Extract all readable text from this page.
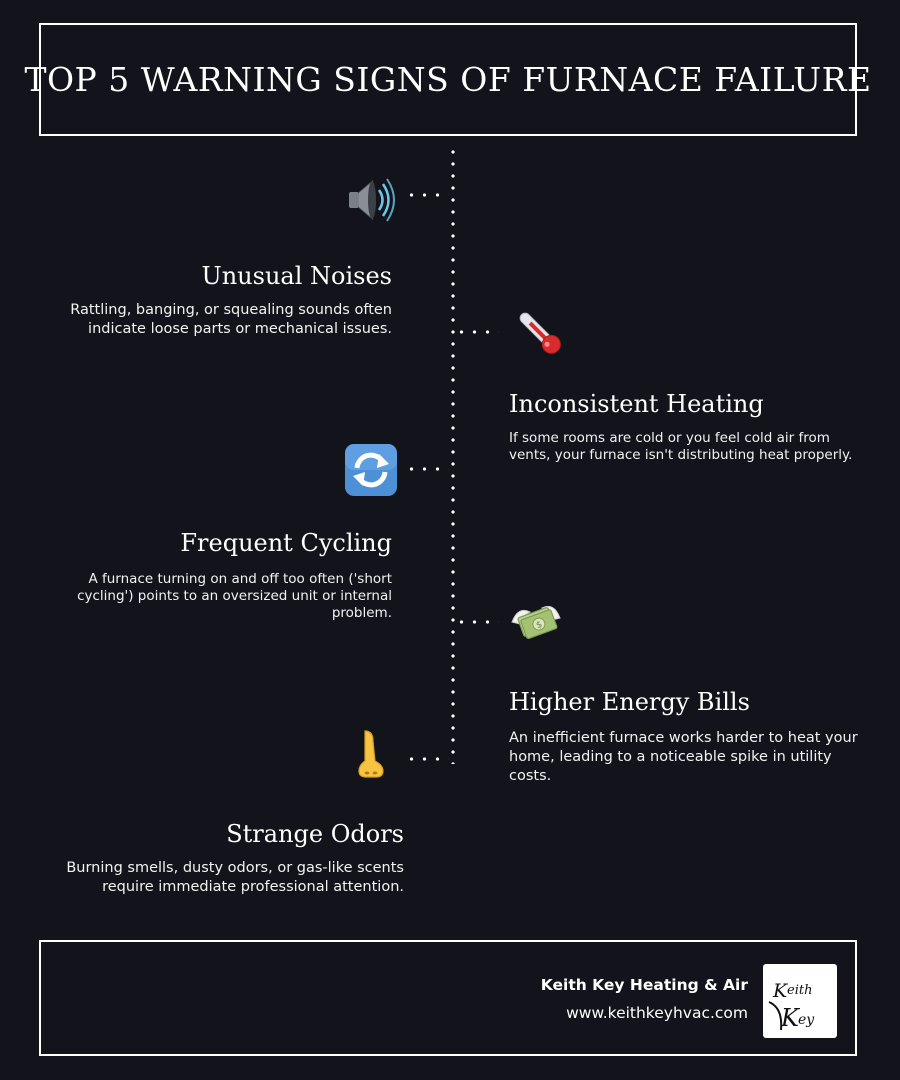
TOP 5 WARNING SIGNS OF FURNACE FAILURE
Unusual Noises

Rattling, banging, or squealing sounds often indicate loose parts or mechanical issues.

Inconsistent Heating

If some rooms are cold or you feel cold air from vents, your furnace isn't distributing heat properly.

Frequent Cycling

A furnace turning on and off too often ('short cycling') points to an oversized unit or internal problem.

$
Higher Energy Bills

An inefficient furnace works harder to heat your home, leading to a noticeable spike in utility costs.

Strange Odors

Burning smells, dusty odors, or gas-like scents require immediate professional attention.

Keith Key Heating & Air
www.keithkeyhvac.com
K eith
K ey
